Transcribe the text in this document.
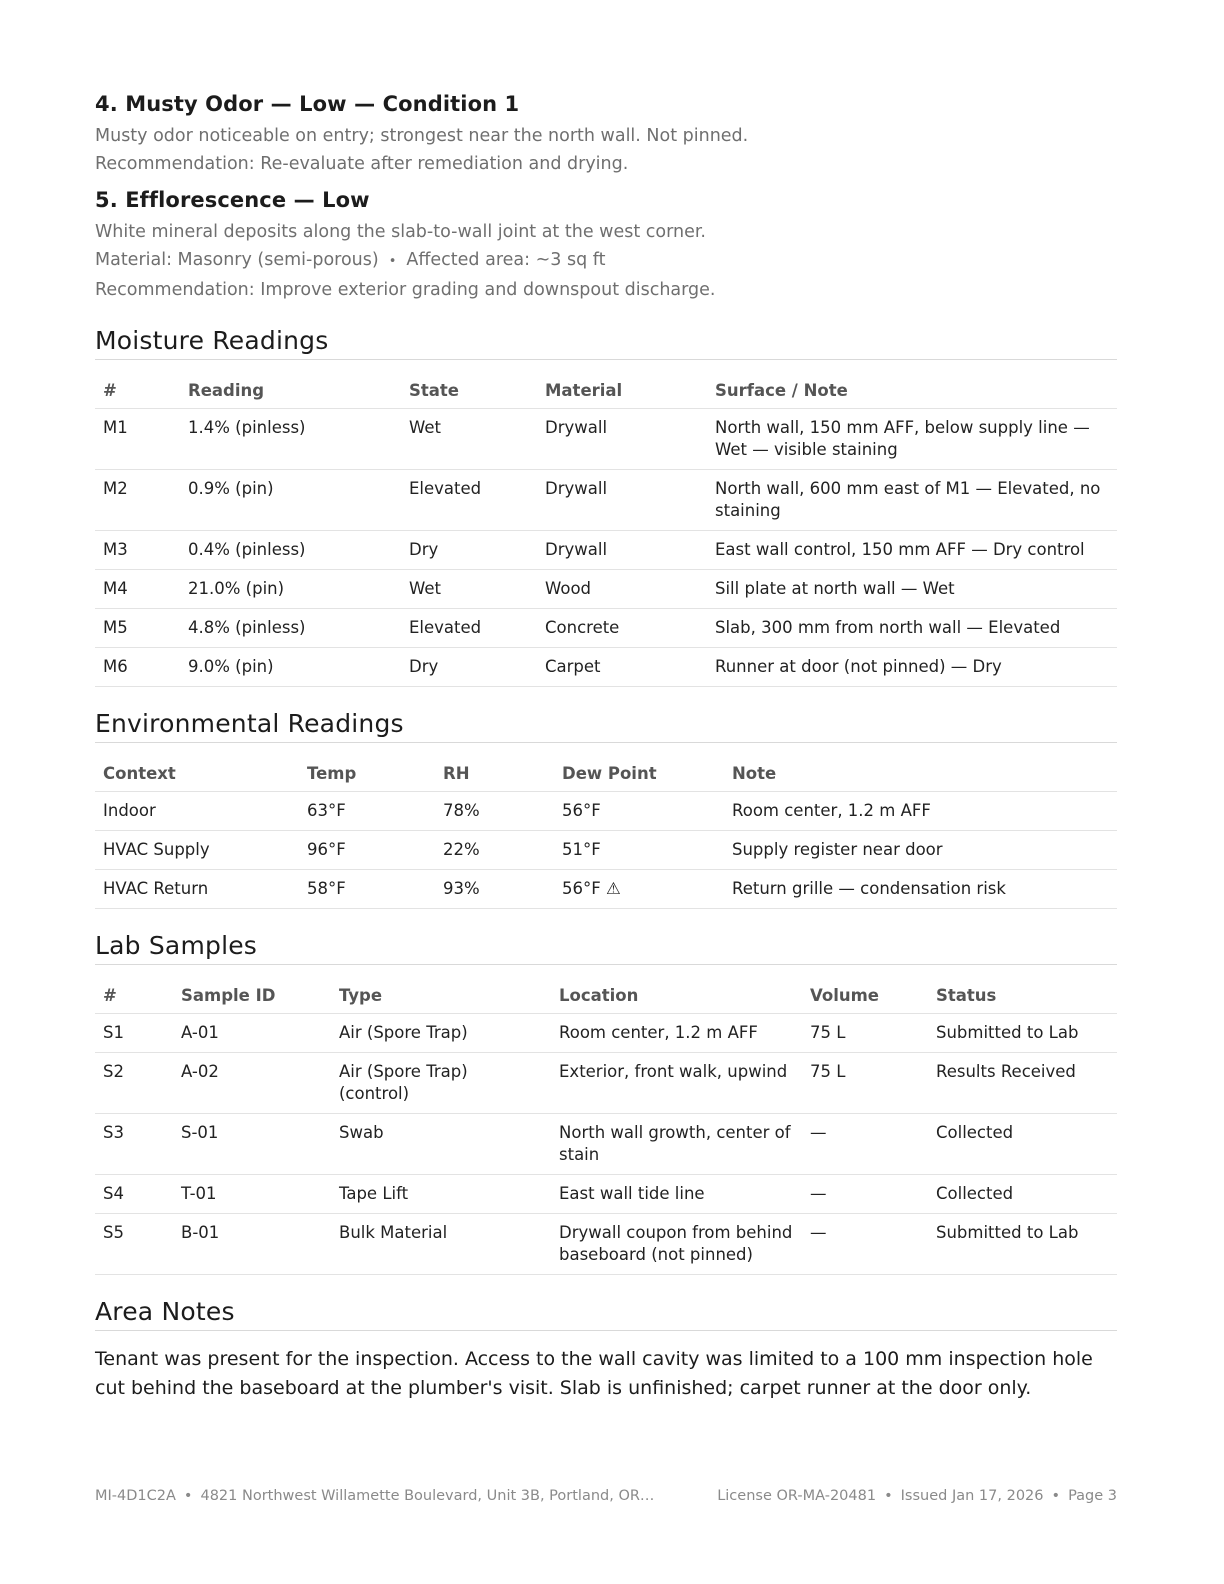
4. Musty Odor — Low — Condition 1

Musty odor noticeable on entry; strongest near the north wall. Not pinned.

Recommendation: Re-evaluate after remediation and drying.

5. Efflorescence — Low

White mineral deposits along the slab-to-wall joint at the west corner.

Material: Masonry (semi-porous) • Affected area: ~3 sq ft

Recommendation: Improve exterior grading and downspout discharge.

Moisture Readings
#	Reading	State	Material	Surface / Note
M1	1.4% (pinless)	Wet	Drywall	North wall, 150 mm AFF, below supply line — Wet — visible staining
M2	0.9% (pin)	Elevated	Drywall	North wall, 600 mm east of M1 — Elevated, no staining
M3	0.4% (pinless)	Dry	Drywall	East wall control, 150 mm AFF — Dry control
M4	21.0% (pin)	Wet	Wood	Sill plate at north wall — Wet
M5	4.8% (pinless)	Elevated	Concrete	Slab, 300 mm from north wall — Elevated
M6	9.0% (pin)	Dry	Carpet	Runner at door (not pinned) — Dry
Environmental Readings
Context	Temp	RH	Dew Point	Note
Indoor	63°F	78%	56°F	Room center, 1.2 m AFF
HVAC Supply	96°F	22%	51°F	Supply register near door
HVAC Return	58°F	93%	56°F ⚠	Return grille — condensation risk
Lab Samples
#	Sample ID	Type	Location	Volume	Status
S1	A-01	Air (Spore Trap)	Room center, 1.2 m AFF	75 L	Submitted to Lab
S2	A-02	Air (Spore Trap) (control)	Exterior, front walk, upwind	75 L	Results Received
S3	S-01	Swab	North wall growth, center of stain	—	Collected
S4	T-01	Tape Lift	East wall tide line	—	Collected
S5	B-01	Bulk Material	Drywall coupon from behind baseboard (not pinned)	—	Submitted to Lab
Area Notes
Tenant was present for the inspection. Access to the wall cavity was limited to a 100 mm inspection hole cut behind the baseboard at the plumber's visit. Slab is unfinished; carpet runner at the door only.
MI-4D1C2A • 4821 Northwest Willamette Boulevard, Unit 3B, Portland, OR…	License OR-MA-20481 • Issued Jan 17, 2026 • Page 3
